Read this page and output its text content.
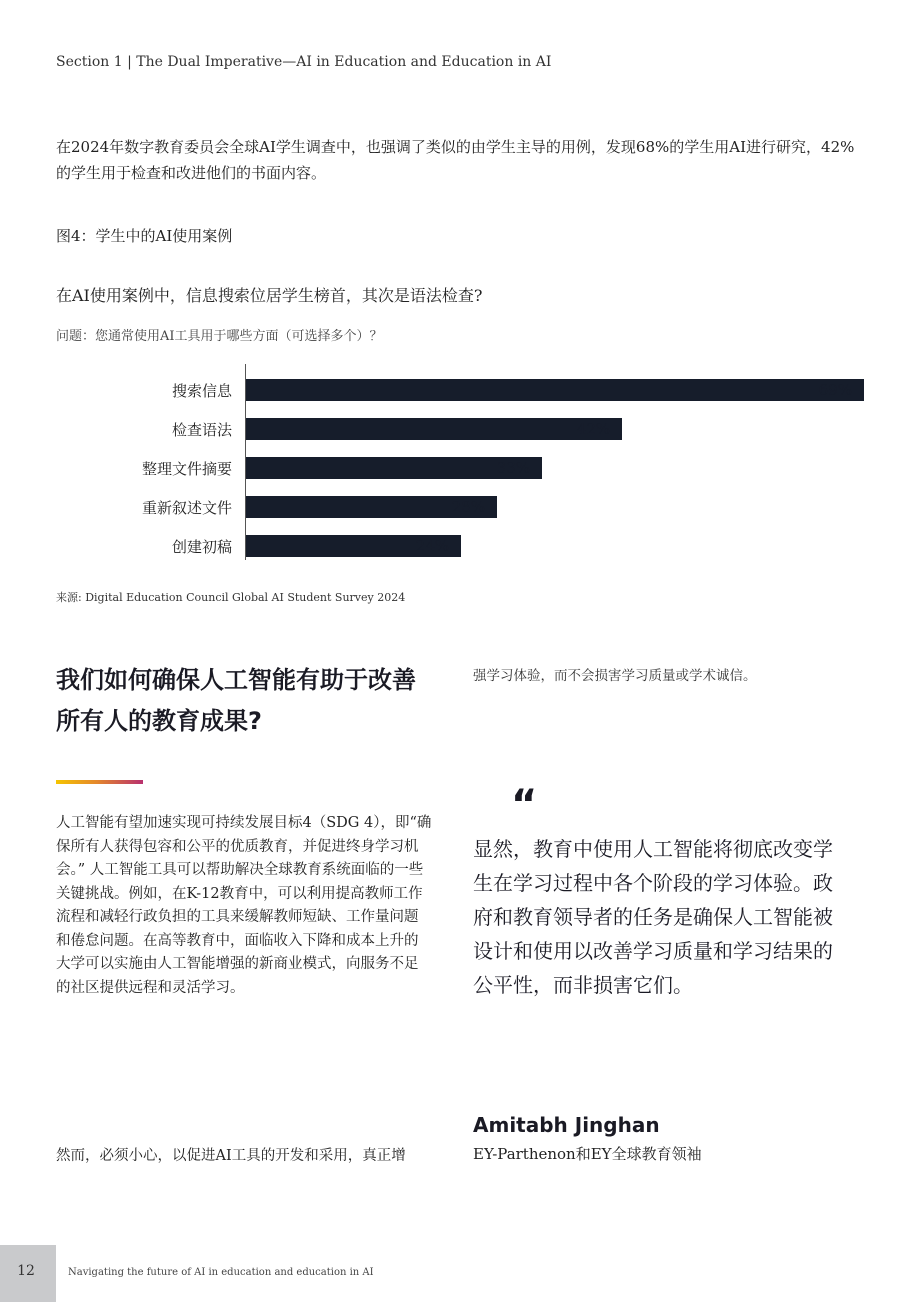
Section 1 | The Dual Imperative—AI in Education and Education in AI
在2024年数字教育委员会全球AI学生调查中，也强调了类似的由学生主导的用例，发现68%的学生用AI进行研究，42%的学生用于检查和改进他们的书面内容。
图4：学生中的AI使用案例
在AI使用案例中，信息搜索位居学生榜首，其次是语法检查?
问题：您通常使用AI工具用于哪些方面（可选择多个）？
搜索信息	69%
检查语法	42%
整理文件摘要	33%
重新叙述文件	28%
创建初稿	24%
来源: Digital Education Council Global AI Student Survey 2024
我们如何确保人工智能有助于改善所有人的教育成果?
人工智能有望加速实现可持续发展目标4（SDG 4），即“确保所有人获得包容和公平的优质教育，并促进终身学习机会。” 人工智能工具可以帮助解决全球教育系统面临的一些关键挑战。例如，在K-12教育中，可以利用提高教师工作流程和减轻行政负担的工具来缓解教师短缺、工作量问题和倦怠问题。在高等教育中，面临收入下降和成本上升的大学可以实施由人工智能增强的新商业模式，向服务不足的社区提供远程和灵活学习。
然而，必须小心，以促进AI工具的开发和采用，真正增
强学习体验，而不会损害学习质量或学术诚信。
“
显然，教育中使用人工智能将彻底改变学生在学习过程中各个阶段的学习体验。政府和教育领导者的任务是确保人工智能被设计和使用以改善学习质量和学习结果的公平性，而非损害它们。
Amitabh Jinghan
EY-Parthenon和EY全球教育领袖
12	Navigating the future of AI in education and education in AI
